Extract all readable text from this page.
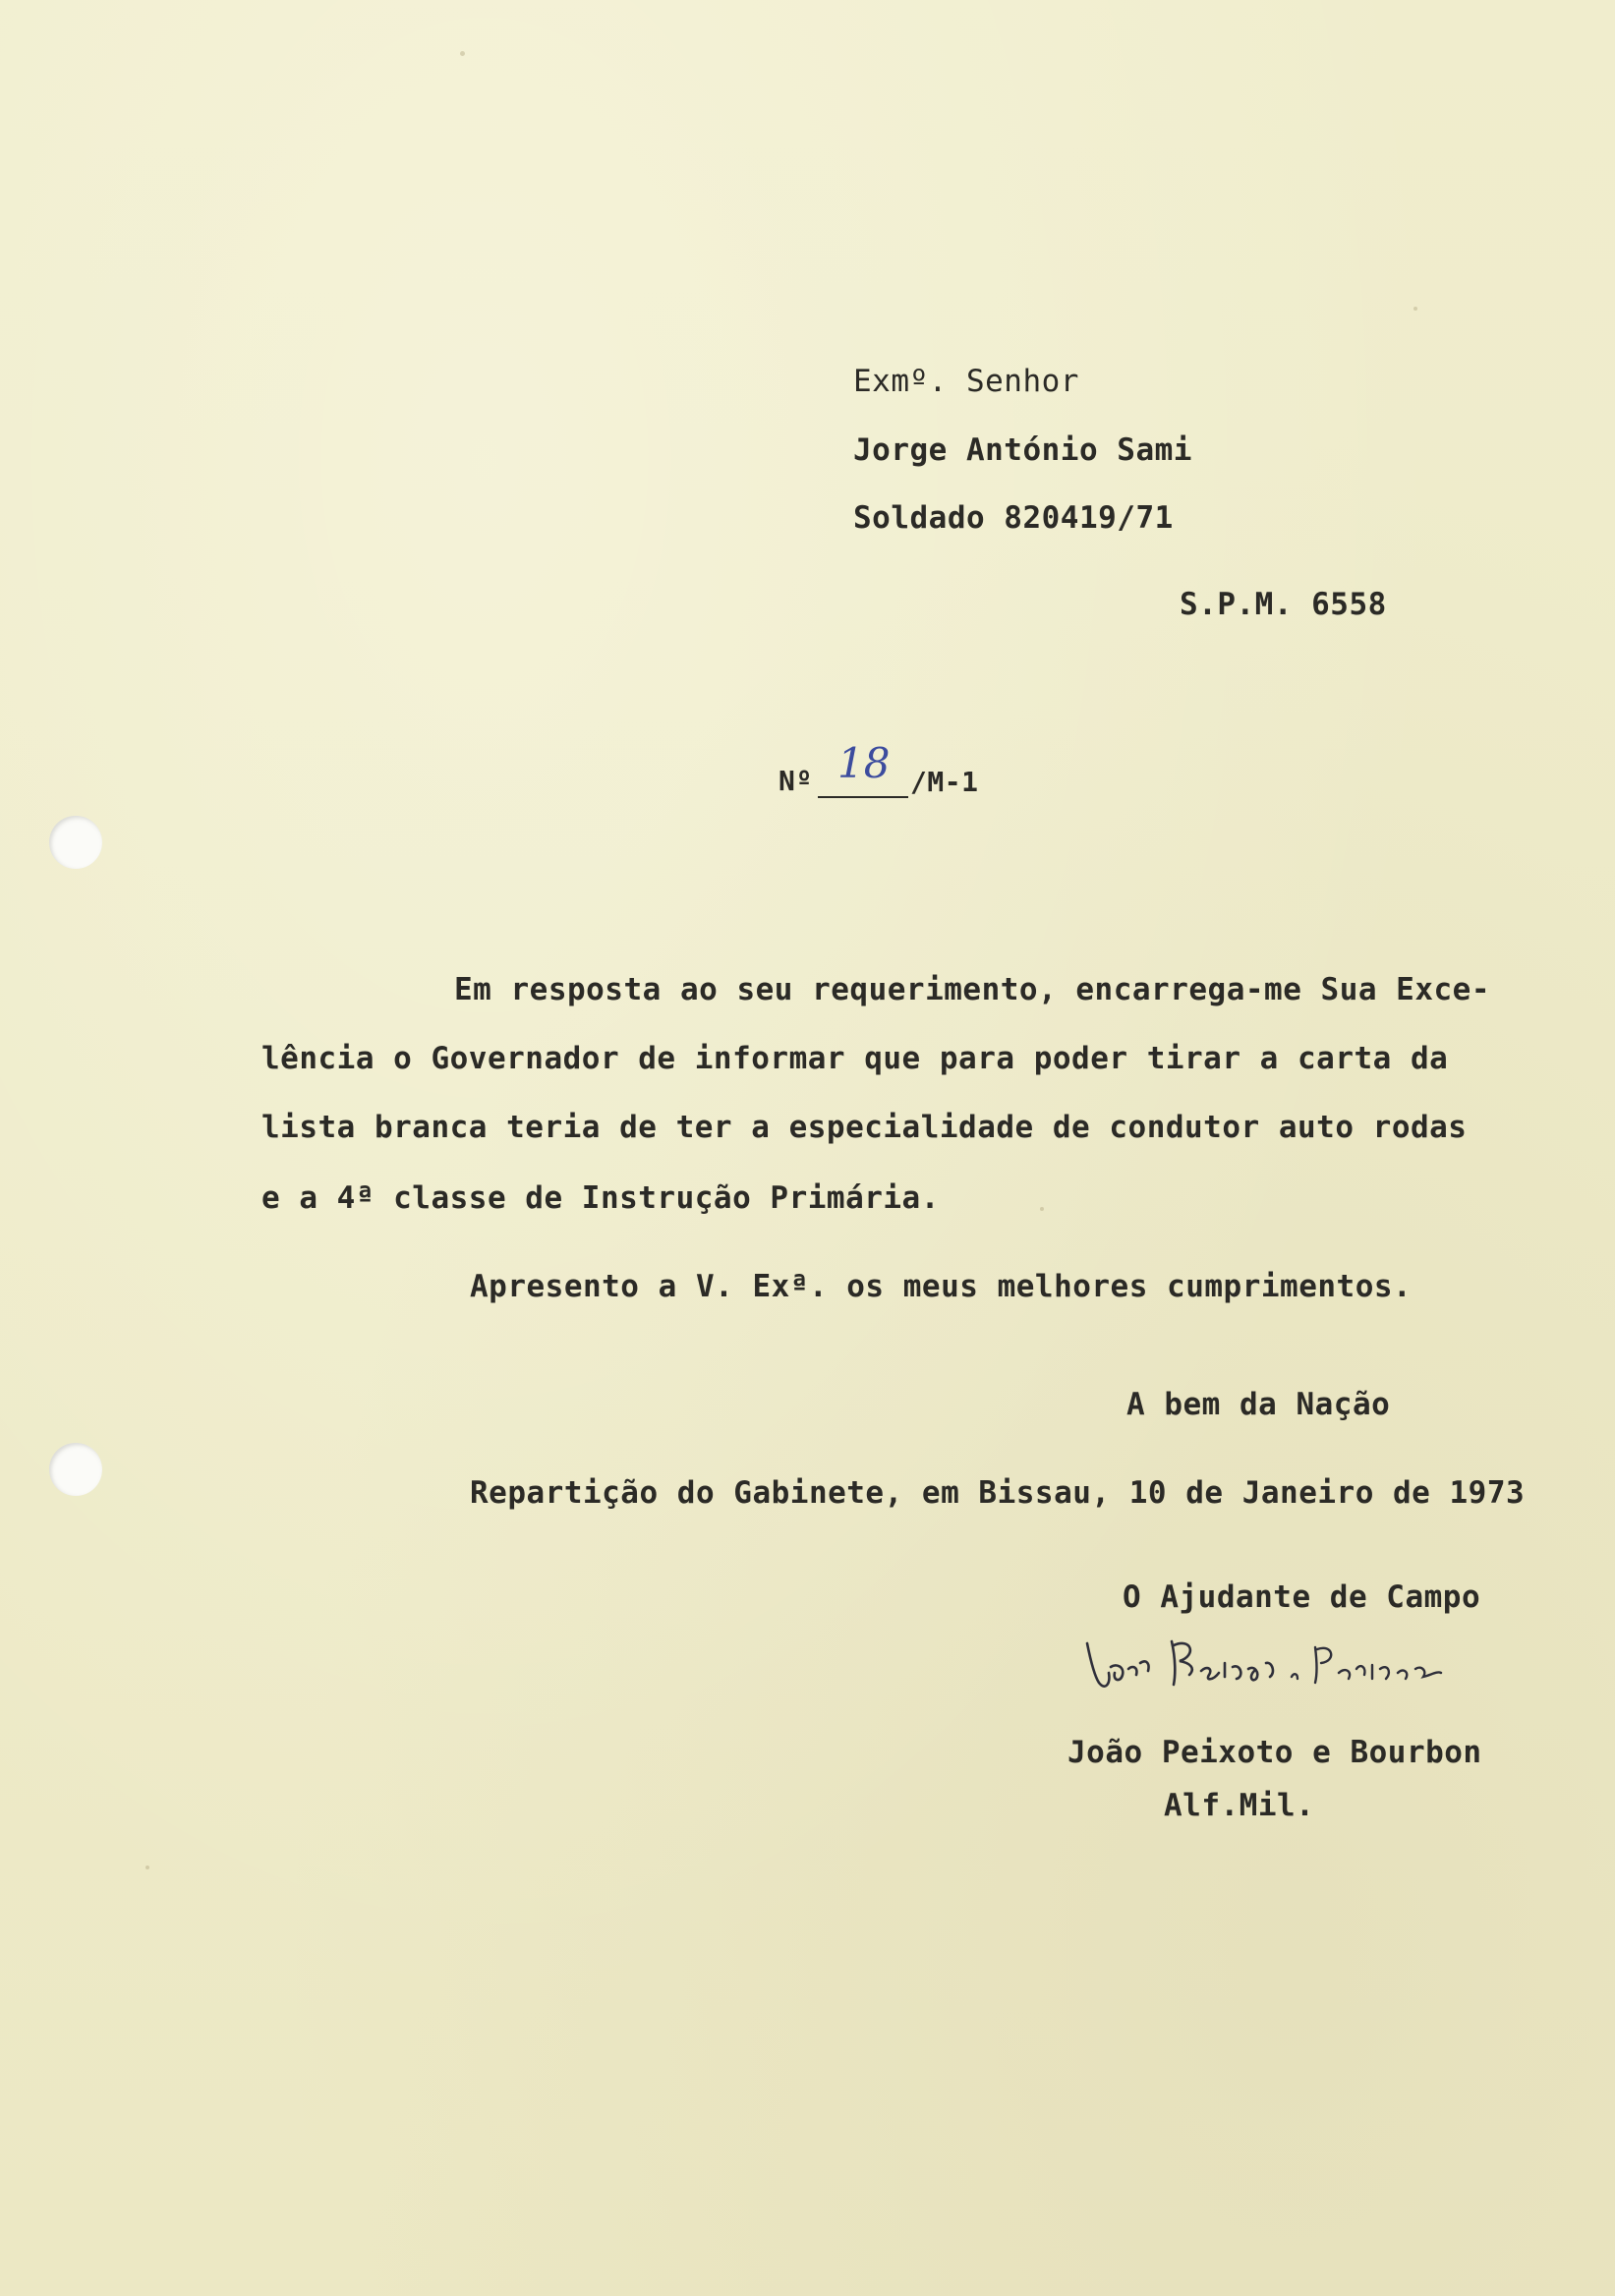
Exmº. Senhor
Jorge António Sami
Soldado 820419/71
S.P.M. 6558
Nº 18 /M-1
Em resposta ao seu requerimento, encarrega-me Sua Exce-
lência o Governador de informar que para poder tirar a carta da
lista branca teria de ter a especialidade de condutor auto rodas
e a 4ª classe de Instrução Primária.
Apresento a V. Exª. os meus melhores cumprimentos.
A bem da Nação
Repartição do Gabinete, em Bissau, 10 de Janeiro de 1973
O Ajudante de Campo
João Peixoto e Bourbon
Alf.Mil.
